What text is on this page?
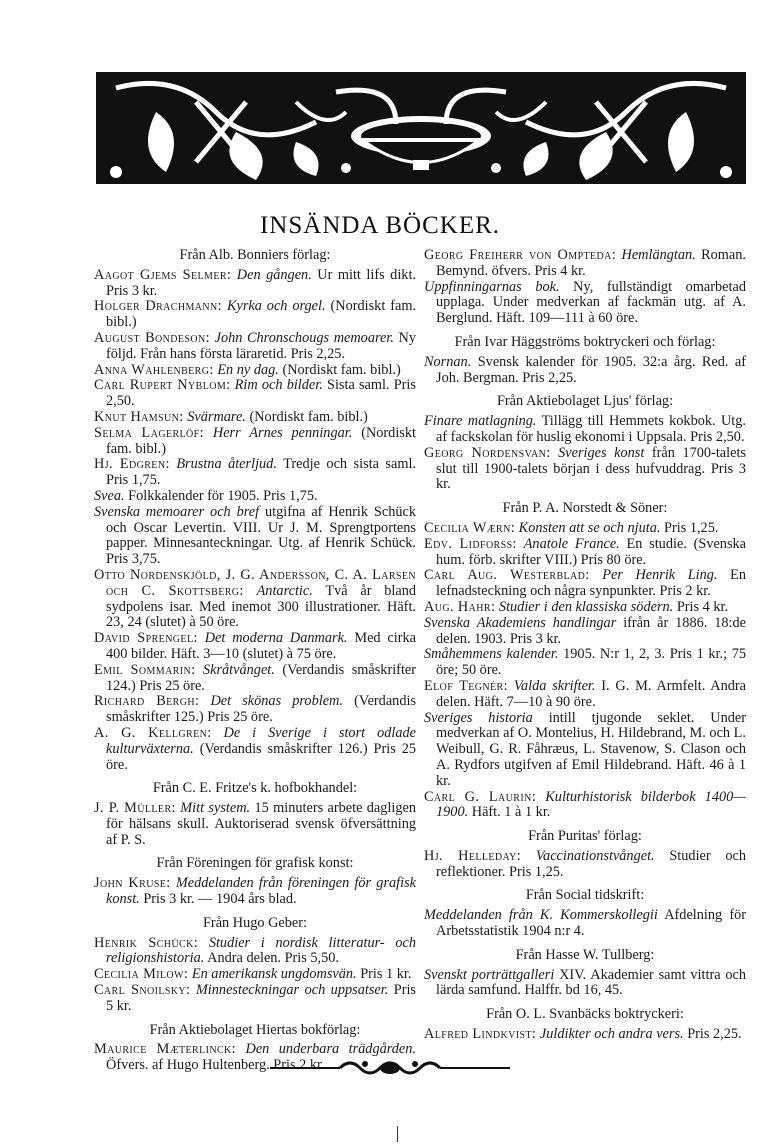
INSÄNDA BÖCKER.
Från Alb. Bonniers förlag:
Aagot Gjems Selmer: Den gången. Ur mitt lifs dikt. Pris 3 kr.
Holger Drachmann: Kyrka och orgel. (Nordiskt fam. bibl.)
August Bondeson: John Chronschougs memoarer. Ny följd. Från hans första läraretid. Pris 2,25.
Anna Wahlenberg: En ny dag. (Nordiskt fam. bibl.)
Carl Rupert Nyblom: Rim och bilder. Sista saml. Pris 2,50.
Knut Hamsun: Svärmare. (Nordiskt fam. bibl.)
Selma Lagerlöf: Herr Arnes penningar. (Nordiskt fam. bibl.)
Hj. Edgren: Brustna återljud. Tredje och sista saml. Pris 1,75.
Svea. Folkkalender för 1905. Pris 1,75.
Svenska memoarer och bref utgifna af Henrik Schück och Oscar Levertin. VIII. Ur J. M. Sprengtportens papper. Minnesanteckningar. Utg. af Henrik Schück. Pris 3,75.
Otto Nordenskjöld, J. G. Andersson, C. A. Larsen och C. Skottsberg: Antarctic. Två år bland sydpolens isar. Med inemot 300 illustrationer. Häft. 23, 24 (slutet) à 50 öre.
David Sprengel: Det moderna Danmark. Med cirka 400 bilder. Häft. 3—10 (slutet) à 75 öre.
Emil Sommarin: Skråtvånget. (Verdandis småskrifter 124.) Pris 25 öre.
Richard Bergh: Det skönas problem. (Verdandis småskrifter 125.) Pris 25 öre.
A. G. Kellgren: De i Sverige i stort odlade kulturväxterna. (Verdandis småskrifter 126.) Pris 25 öre.
Från C. E. Fritze's k. hofbokhandel:
J. P. Müller: Mitt system. 15 minuters arbete dagligen för hälsans skull. Auktoriserad svensk öfversättning af P. S.
Från Föreningen för grafisk konst:
John Kruse: Meddelanden från föreningen för grafisk konst. Pris 3 kr. — 1904 års blad.
Från Hugo Geber:
Henrik Schück: Studier i nordisk litteratur- och religionshistoria. Andra delen. Pris 5,50.
Cecilia Milow: En amerikansk ungdomsvän. Pris 1 kr.
Carl Snoilsky: Minnesteckningar och uppsatser. Pris 5 kr.
Från Aktiebolaget Hiertas bokförlag:
Maurice Mæterlinck: Den underbara trädgården. Öfvers. af Hugo Hultenberg. Pris 2 kr.
Georg Freiherr von Ompteda: Hemlängtan. Roman. Bemynd. öfvers. Pris 4 kr.
Uppfinningarnas bok. Ny, fullständigt omarbetad upplaga. Under medverkan af fackmän utg. af A. Berglund. Häft. 109—111 à 60 öre.
Från Ivar Häggströms boktryckeri och förlag:
Nornan. Svensk kalender för 1905. 32:a årg. Red. af Joh. Bergman. Pris 2,25.
Från Aktiebolaget Ljus' förlag:
Finare matlagning. Tillägg till Hemmets kokbok. Utg. af fackskolan för huslig ekonomi i Uppsala. Pris 2,50.
Georg Nordensvan: Sveriges konst från 1700-talets slut till 1900-talets början i dess hufvuddrag. Pris 3 kr.
Från P. A. Norstedt & Söner:
Cecilia Wærn: Konsten att se och njuta. Pris 1,25.
Edv. Lidforss: Anatole France. En studie. (Svenska hum. förb. skrifter VIII.) Pris 80 öre.
Carl Aug. Westerblad: Per Henrik Ling. En lefnadsteckning och några synpunkter. Pris 2 kr.
Aug. Hahr: Studier i den klassiska södern. Pris 4 kr.
Svenska Akademiens handlingar ifrån år 1886. 18:de delen. 1903. Pris 3 kr.
Småhemmens kalender. 1905. N:r 1, 2, 3. Pris 1 kr.; 75 öre; 50 öre.
Elof Tegnér: Valda skrifter. I. G. M. Armfelt. Andra delen. Häft. 7—10 à 90 öre.
Sveriges historia intill tjugonde seklet. Under medverkan af O. Montelius, H. Hildebrand, M. och L. Weibull, G. R. Fåhræus, L. Stavenow, S. Clason och A. Rydfors utgifven af Emil Hildebrand. Häft. 46 à 1 kr.
Carl G. Laurin: Kulturhistorisk bilderbok 1400—1900. Häft. 1 à 1 kr.
Från Puritas' förlag:
Hj. Helleday: Vaccinationstvånget. Studier och reflektioner. Pris 1,25.
Från Social tidskrift:
Meddelanden från K. Kommerskollegii Afdelning för Arbetsstatistik 1904 n:r 4.
Från Hasse W. Tullberg:
Svenskt porträttgalleri XIV. Akademier samt vittra och lärda samfund. Halffr. bd 16, 45.
Från O. L. Svanbäcks boktryckeri:
Alfred Lindkvist: Juldikter och andra vers. Pris 2,25.
